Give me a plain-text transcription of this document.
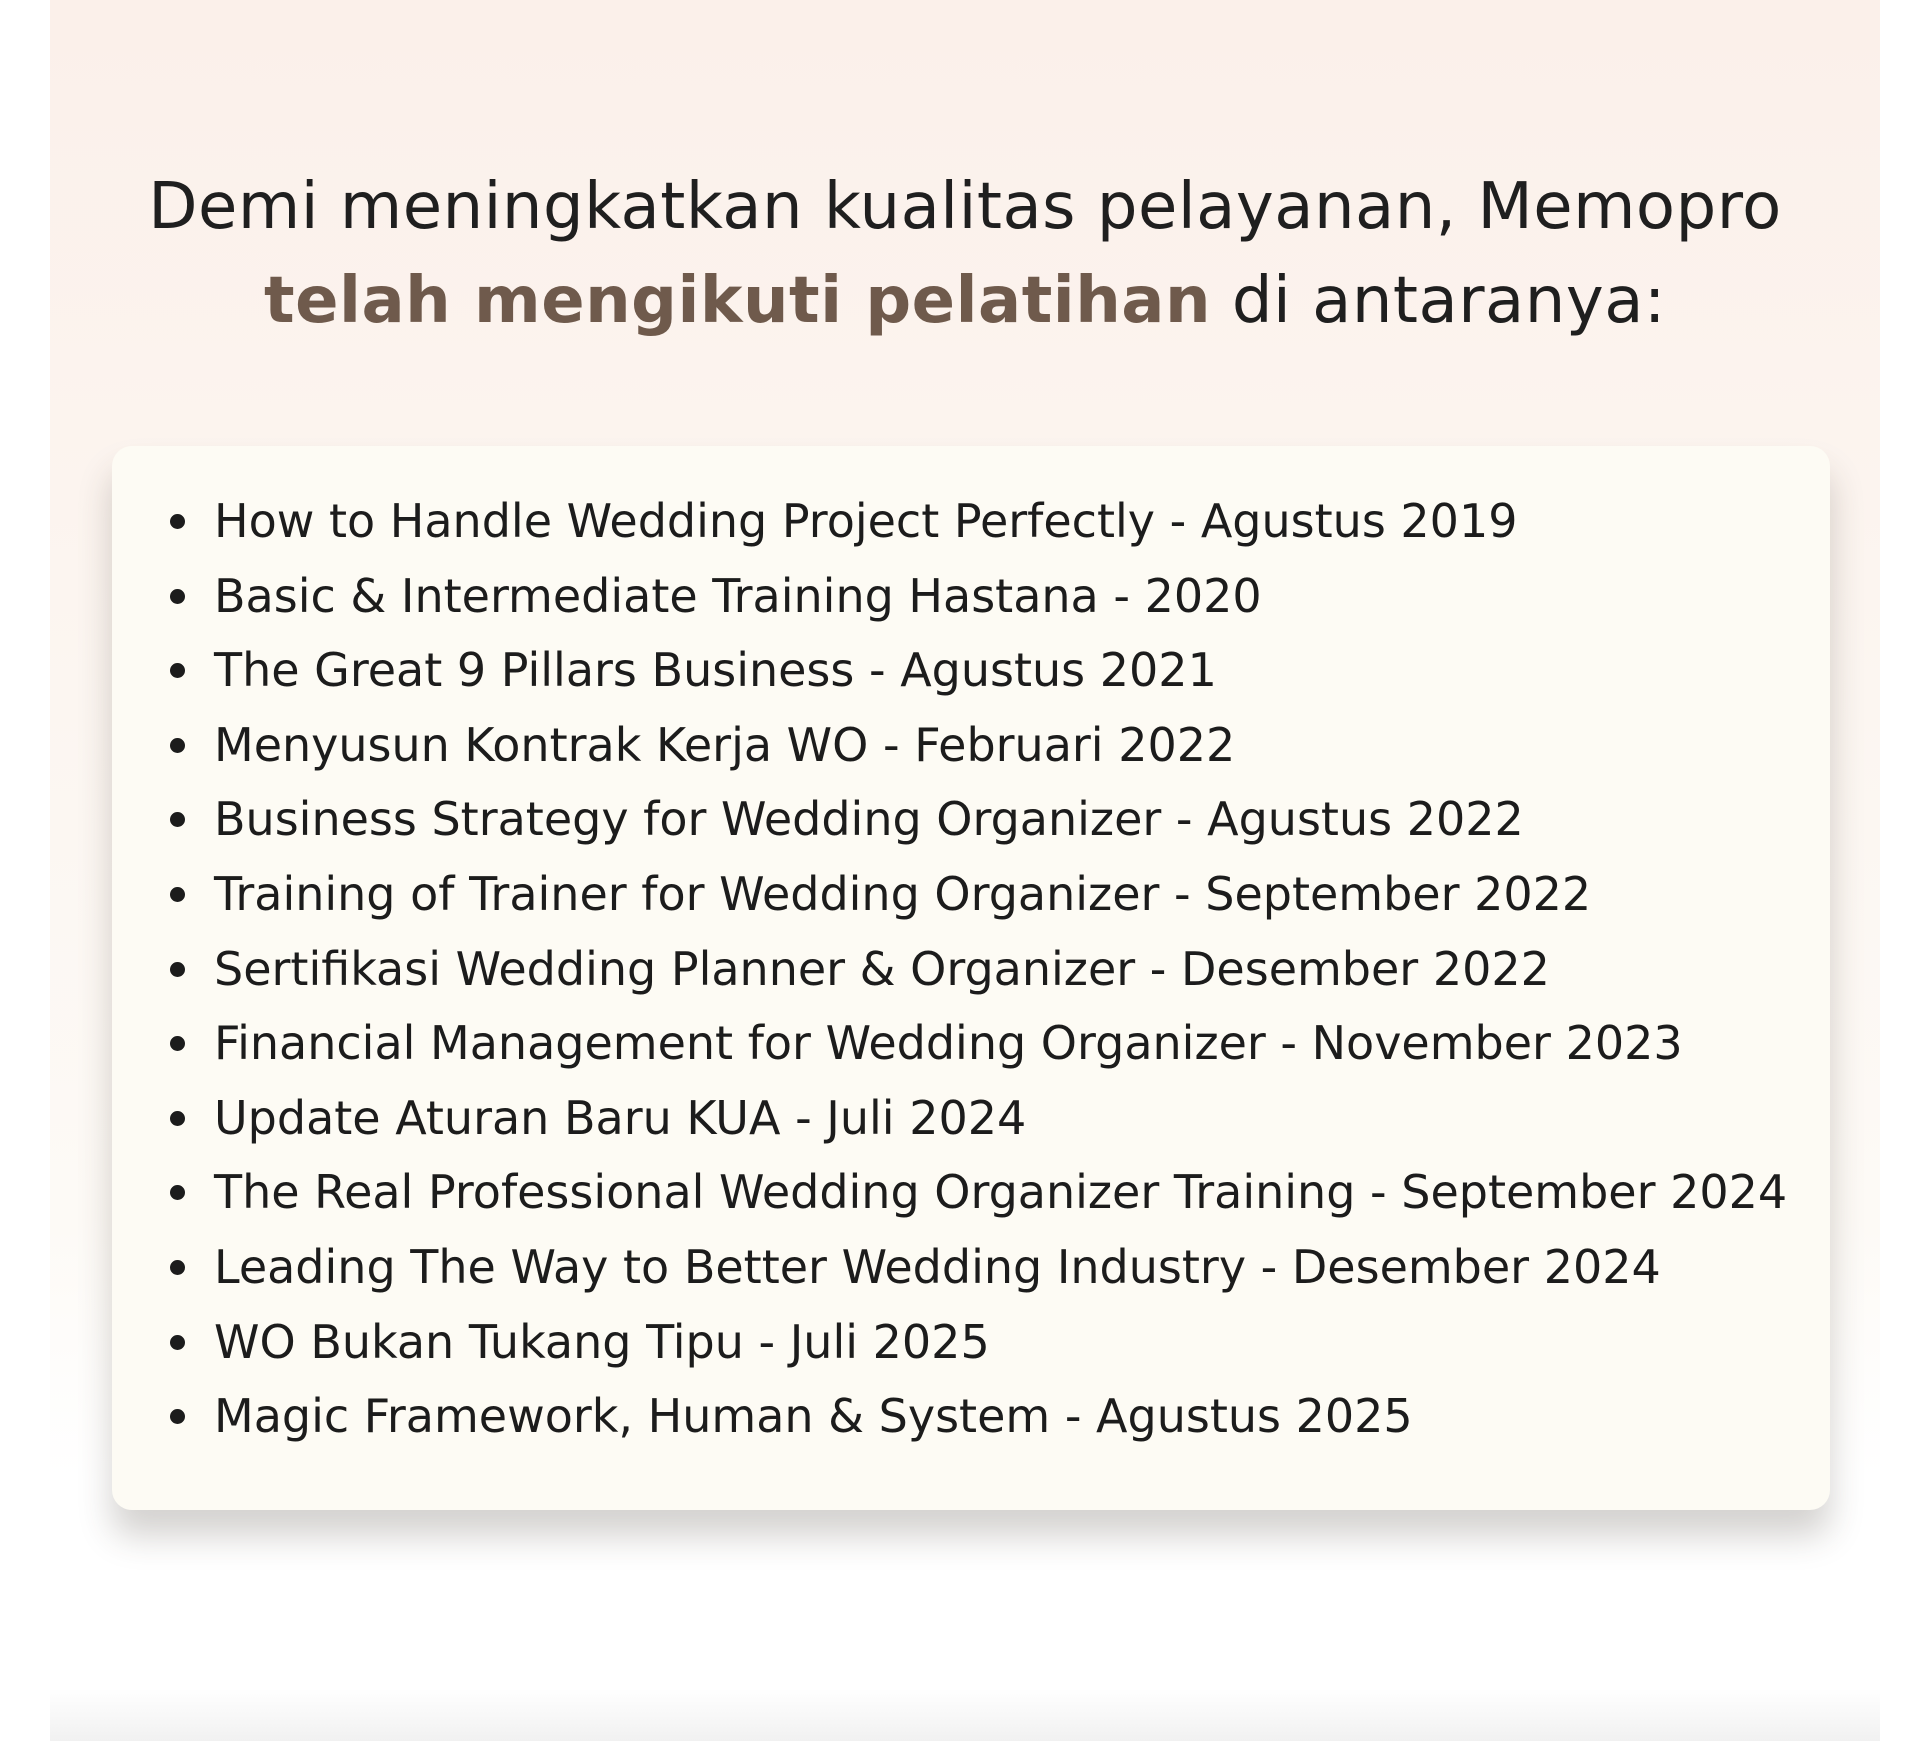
Demi meningkatkan kualitas pelayanan, Memopro
telah mengikuti pelatihan di antaranya:
How to Handle Wedding Project Perfectly - Agustus 2019
Basic & Intermediate Training Hastana - 2020
The Great 9 Pillars Business - Agustus 2021
Menyusun Kontrak Kerja WO - Februari 2022
Business Strategy for Wedding Organizer - Agustus 2022
Training of Trainer for Wedding Organizer - September 2022
Sertifikasi Wedding Planner & Organizer - Desember 2022
Financial Management for Wedding Organizer - November 2023
Update Aturan Baru KUA - Juli 2024
The Real Professional Wedding Organizer Training - September 2024
Leading The Way to Better Wedding Industry - Desember 2024
WO Bukan Tukang Tipu - Juli 2025
Magic Framework, Human & System - Agustus 2025
